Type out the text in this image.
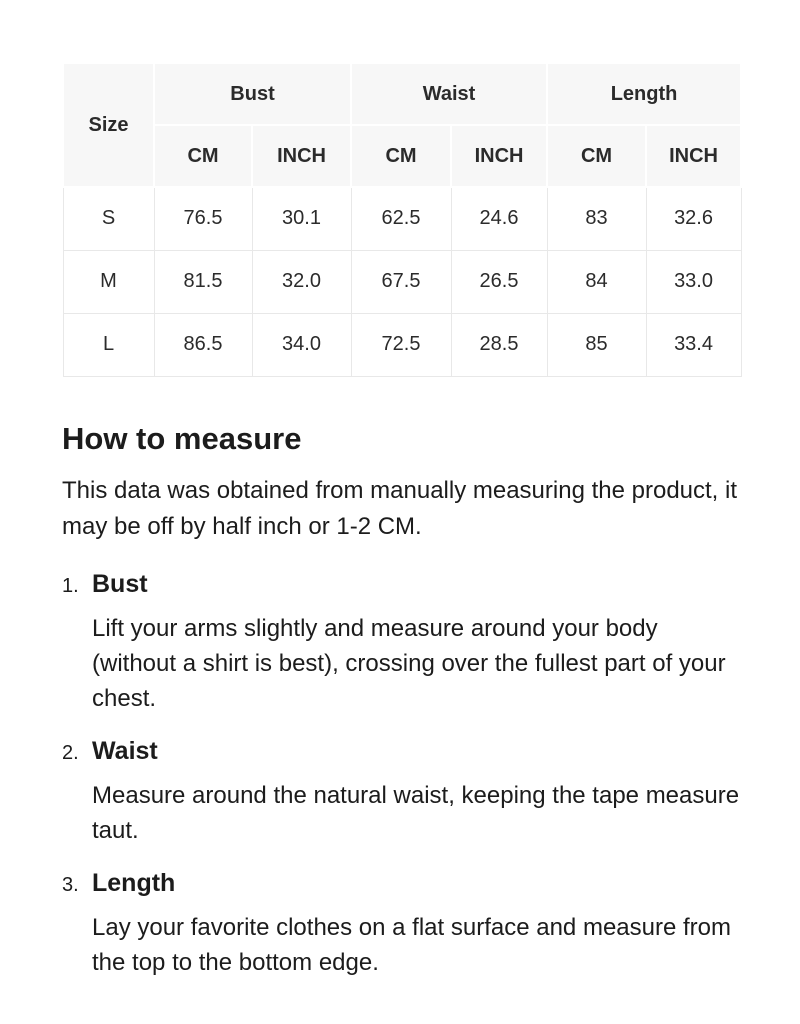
Size	Bust		Waist		Length	
	CM	INCH	CM	INCH	CM	INCH
S	76.5	30.1	62.5	24.6	83	32.6
M	81.5	32.0	67.5	26.5	84	33.0
L	86.5	34.0	72.5	28.5	85	33.4
How to measure

This data was obtained from manually measuring the product, it may be off by half inch or 1-2 CM.

1. Bust

Lift your arms slightly and measure around your body (without a shirt is best), crossing over the fullest part of your chest.

2. Waist

Measure around the natural waist, keeping the tape measure taut.

3. Length

Lay your favorite clothes on a flat surface and measure from the top to the bottom edge.
